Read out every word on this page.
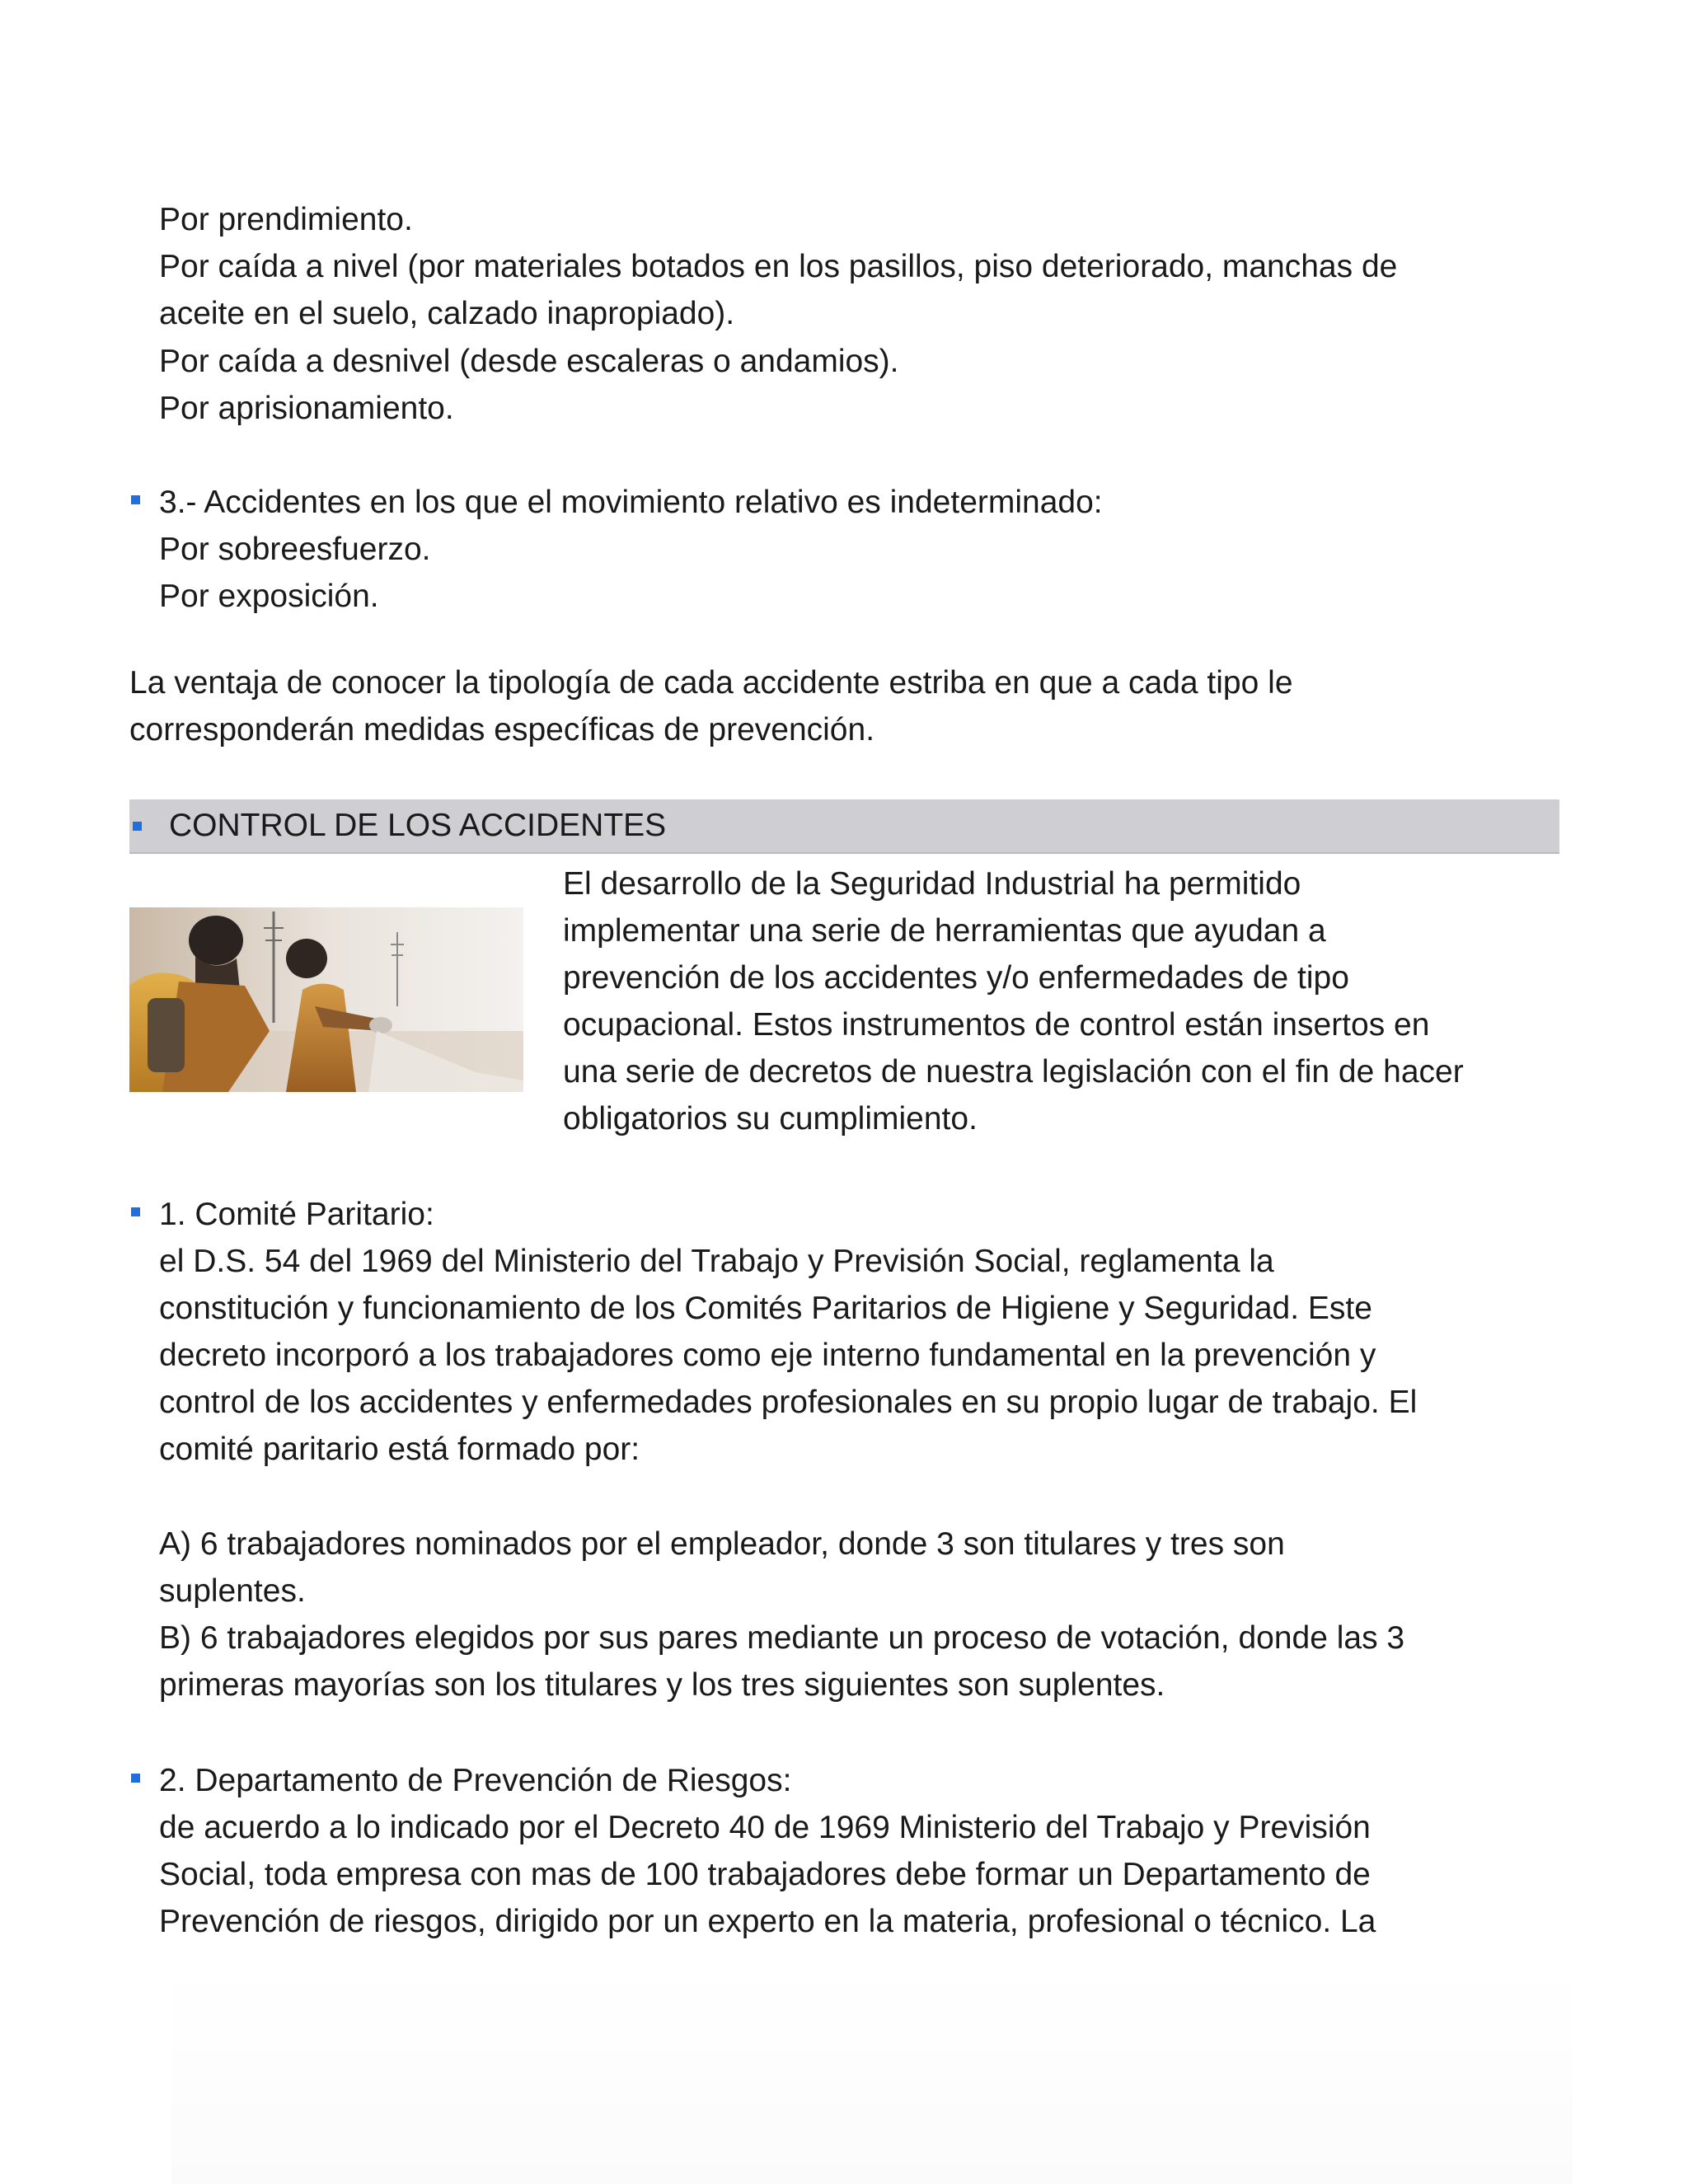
Por prendimiento.

Por caída a nivel (por materiales botados en los pasillos, piso deteriorado, manchas de

aceite en el suelo, calzado inapropiado).

Por caída a desnivel (desde escaleras o andamios).

Por aprisionamiento.

3.- Accidentes en los que el movimiento relativo es indeterminado:

Por sobreesfuerzo.

Por exposición.

La ventaja de conocer la tipología de cada accidente estriba en que a cada tipo le

corresponderán medidas específicas de prevención.

CONTROL DE LOS ACCIDENTES

El desarrollo de la Seguridad Industrial ha permitido

implementar una serie de herramientas que ayudan a

prevención de los accidentes y/o enfermedades de tipo

ocupacional. Estos instrumentos de control están insertos en

una serie de decretos de nuestra legislación con el fin de hacer

obligatorios su cumplimiento.

1. Comité Paritario:

el D.S. 54 del 1969 del Ministerio del Trabajo y Previsión Social, reglamenta la

constitución y funcionamiento de los Comités Paritarios de Higiene y Seguridad. Este

decreto incorporó a los trabajadores como eje interno fundamental en la prevención y

control de los accidentes y enfermedades profesionales en su propio lugar de trabajo. El

comité paritario está formado por:

A) 6 trabajadores nominados por el empleador, donde 3 son titulares y tres son

suplentes.

B) 6 trabajadores elegidos por sus pares mediante un proceso de votación, donde las 3

primeras mayorías son los titulares y los tres siguientes son suplentes.

2. Departamento de Prevención de Riesgos:

de acuerdo a lo indicado por el Decreto 40 de 1969 Ministerio del Trabajo y Previsión

Social, toda empresa con mas de 100 trabajadores debe formar un Departamento de

Prevención de riesgos, dirigido por un experto en la materia, profesional o técnico. La
